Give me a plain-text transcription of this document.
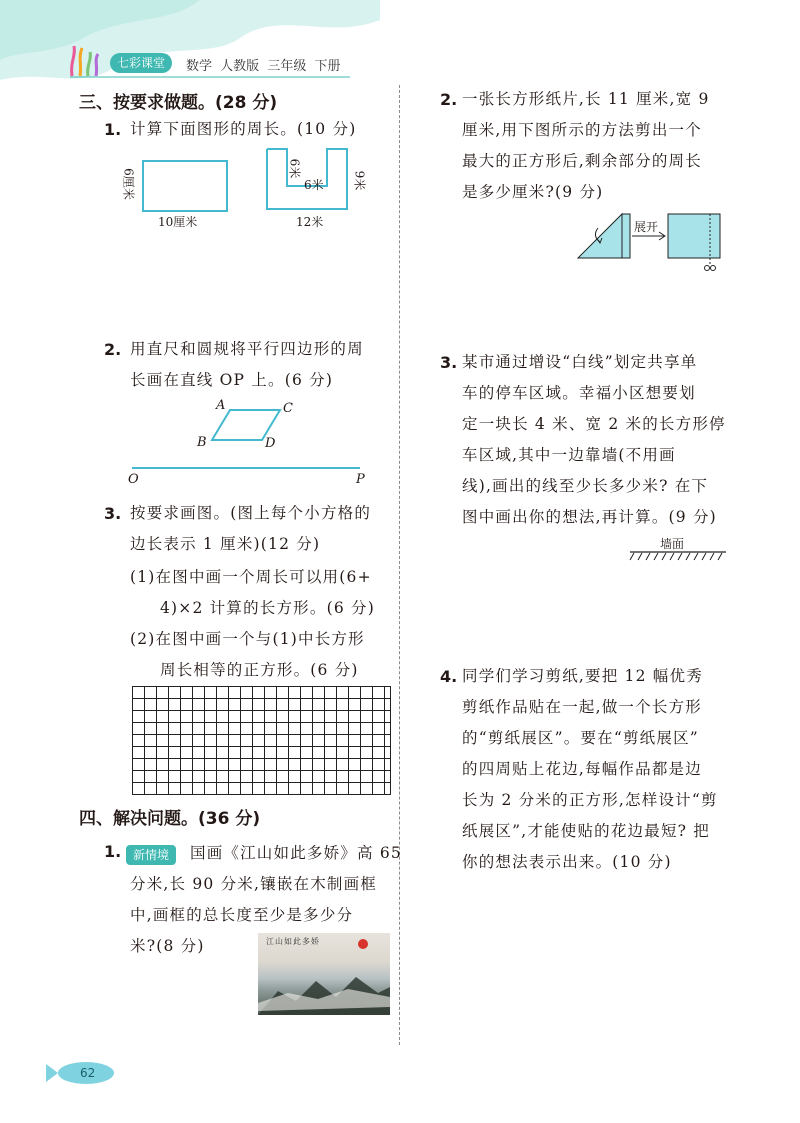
七彩课堂	数学 人教版 三年级 下册
三、按要求做题。(28 分)
1. 计算下面图形的周长。(10 分)
6厘米
10厘米
6米
6米 9米
12米
2. 用直尺和圆规将平行四边形的周
长画在直线 OP 上。(6 分)
A	C
B	D
O	P
3. 按要求画图。(图上每个小方格的
边长表示 1 厘米)(12 分)
(1)在图中画一个周长可以用(6+
4)×2 计算的长方形。(6 分)
(2)在图中画一个与(1)中长方形
周长相等的正方形。(6 分)
四、解决问题。(36 分)
1. 新情境	国画《江山如此多娇》高 65
分米,长 90 分米,镶嵌在木制画框
中,画框的总长度至少是多少分
米?(8 分)	江山如此多娇
2. 一张长方形纸片,长 11 厘米,宽 9
厘米,用下图所示的方法剪出一个
最大的正方形后,剩余部分的周长
是多少厘米?(9 分)
展开
3. 某市通过增设“白线”划定共享单
车的停车区域。幸福小区想要划
定一块长 4 米、宽 2 米的长方形停
车区域,其中一边靠墙(不用画
线),画出的线至少长多少米? 在下
图中画出你的想法,再计算。(9 分)
墙面
4. 同学们学习剪纸,要把 12 幅优秀
剪纸作品贴在一起,做一个长方形
的“剪纸展区”。要在“剪纸展区”
的四周贴上花边,每幅作品都是边
长为 2 分米的正方形,怎样设计“剪
纸展区”,才能使贴的花边最短? 把
你的想法表示出来。(10 分)
62
